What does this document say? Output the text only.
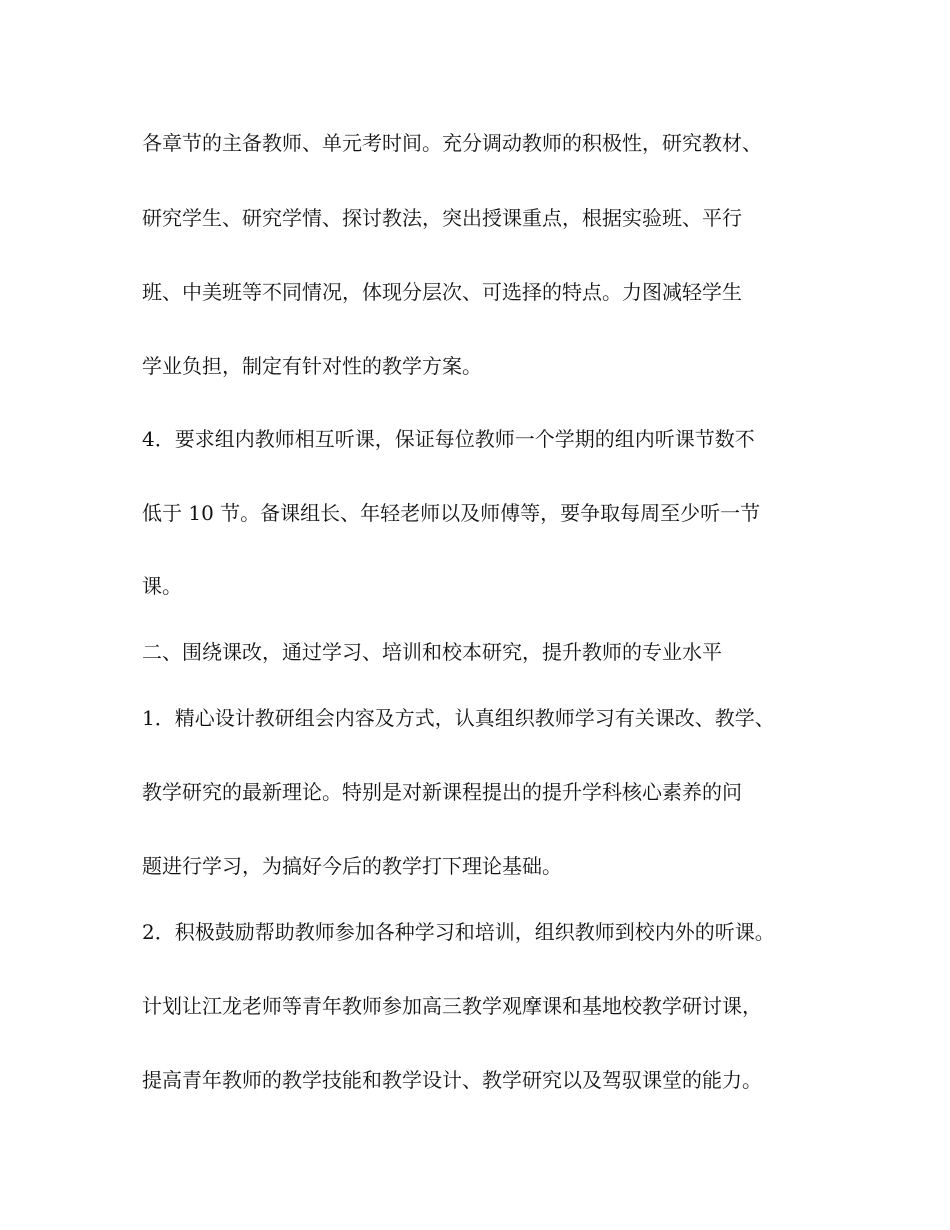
各章节的主备教师、单元考时间。充分调动教师的积极性，研究教材、
研究学生、研究学情、探讨教法，突出授课重点，根据实验班、平行
班、中美班等不同情况，体现分层次、可选择的特点。力图减轻学生
学业负担，制定有针对性的教学方案。
4．要求组内教师相互听课，保证每位教师一个学期的组内听课节数不
低于 10 节。备课组长、年轻老师以及师傅等，要争取每周至少听一节
课。
二、围绕课改，通过学习、培训和校本研究，提升教师的专业水平
1．精心设计教研组会内容及方式，认真组织教师学习有关课改、教学、
教学研究的最新理论。特别是对新课程提出的提升学科核心素养的问
题进行学习，为搞好今后的教学打下理论基础。
2．积极鼓励帮助教师参加各种学习和培训，组织教师到校内外的听课。
计划让江龙老师等青年教师参加高三教学观摩课和基地校教学研讨课，
提高青年教师的教学技能和教学设计、教学研究以及驾驭课堂的能力。
